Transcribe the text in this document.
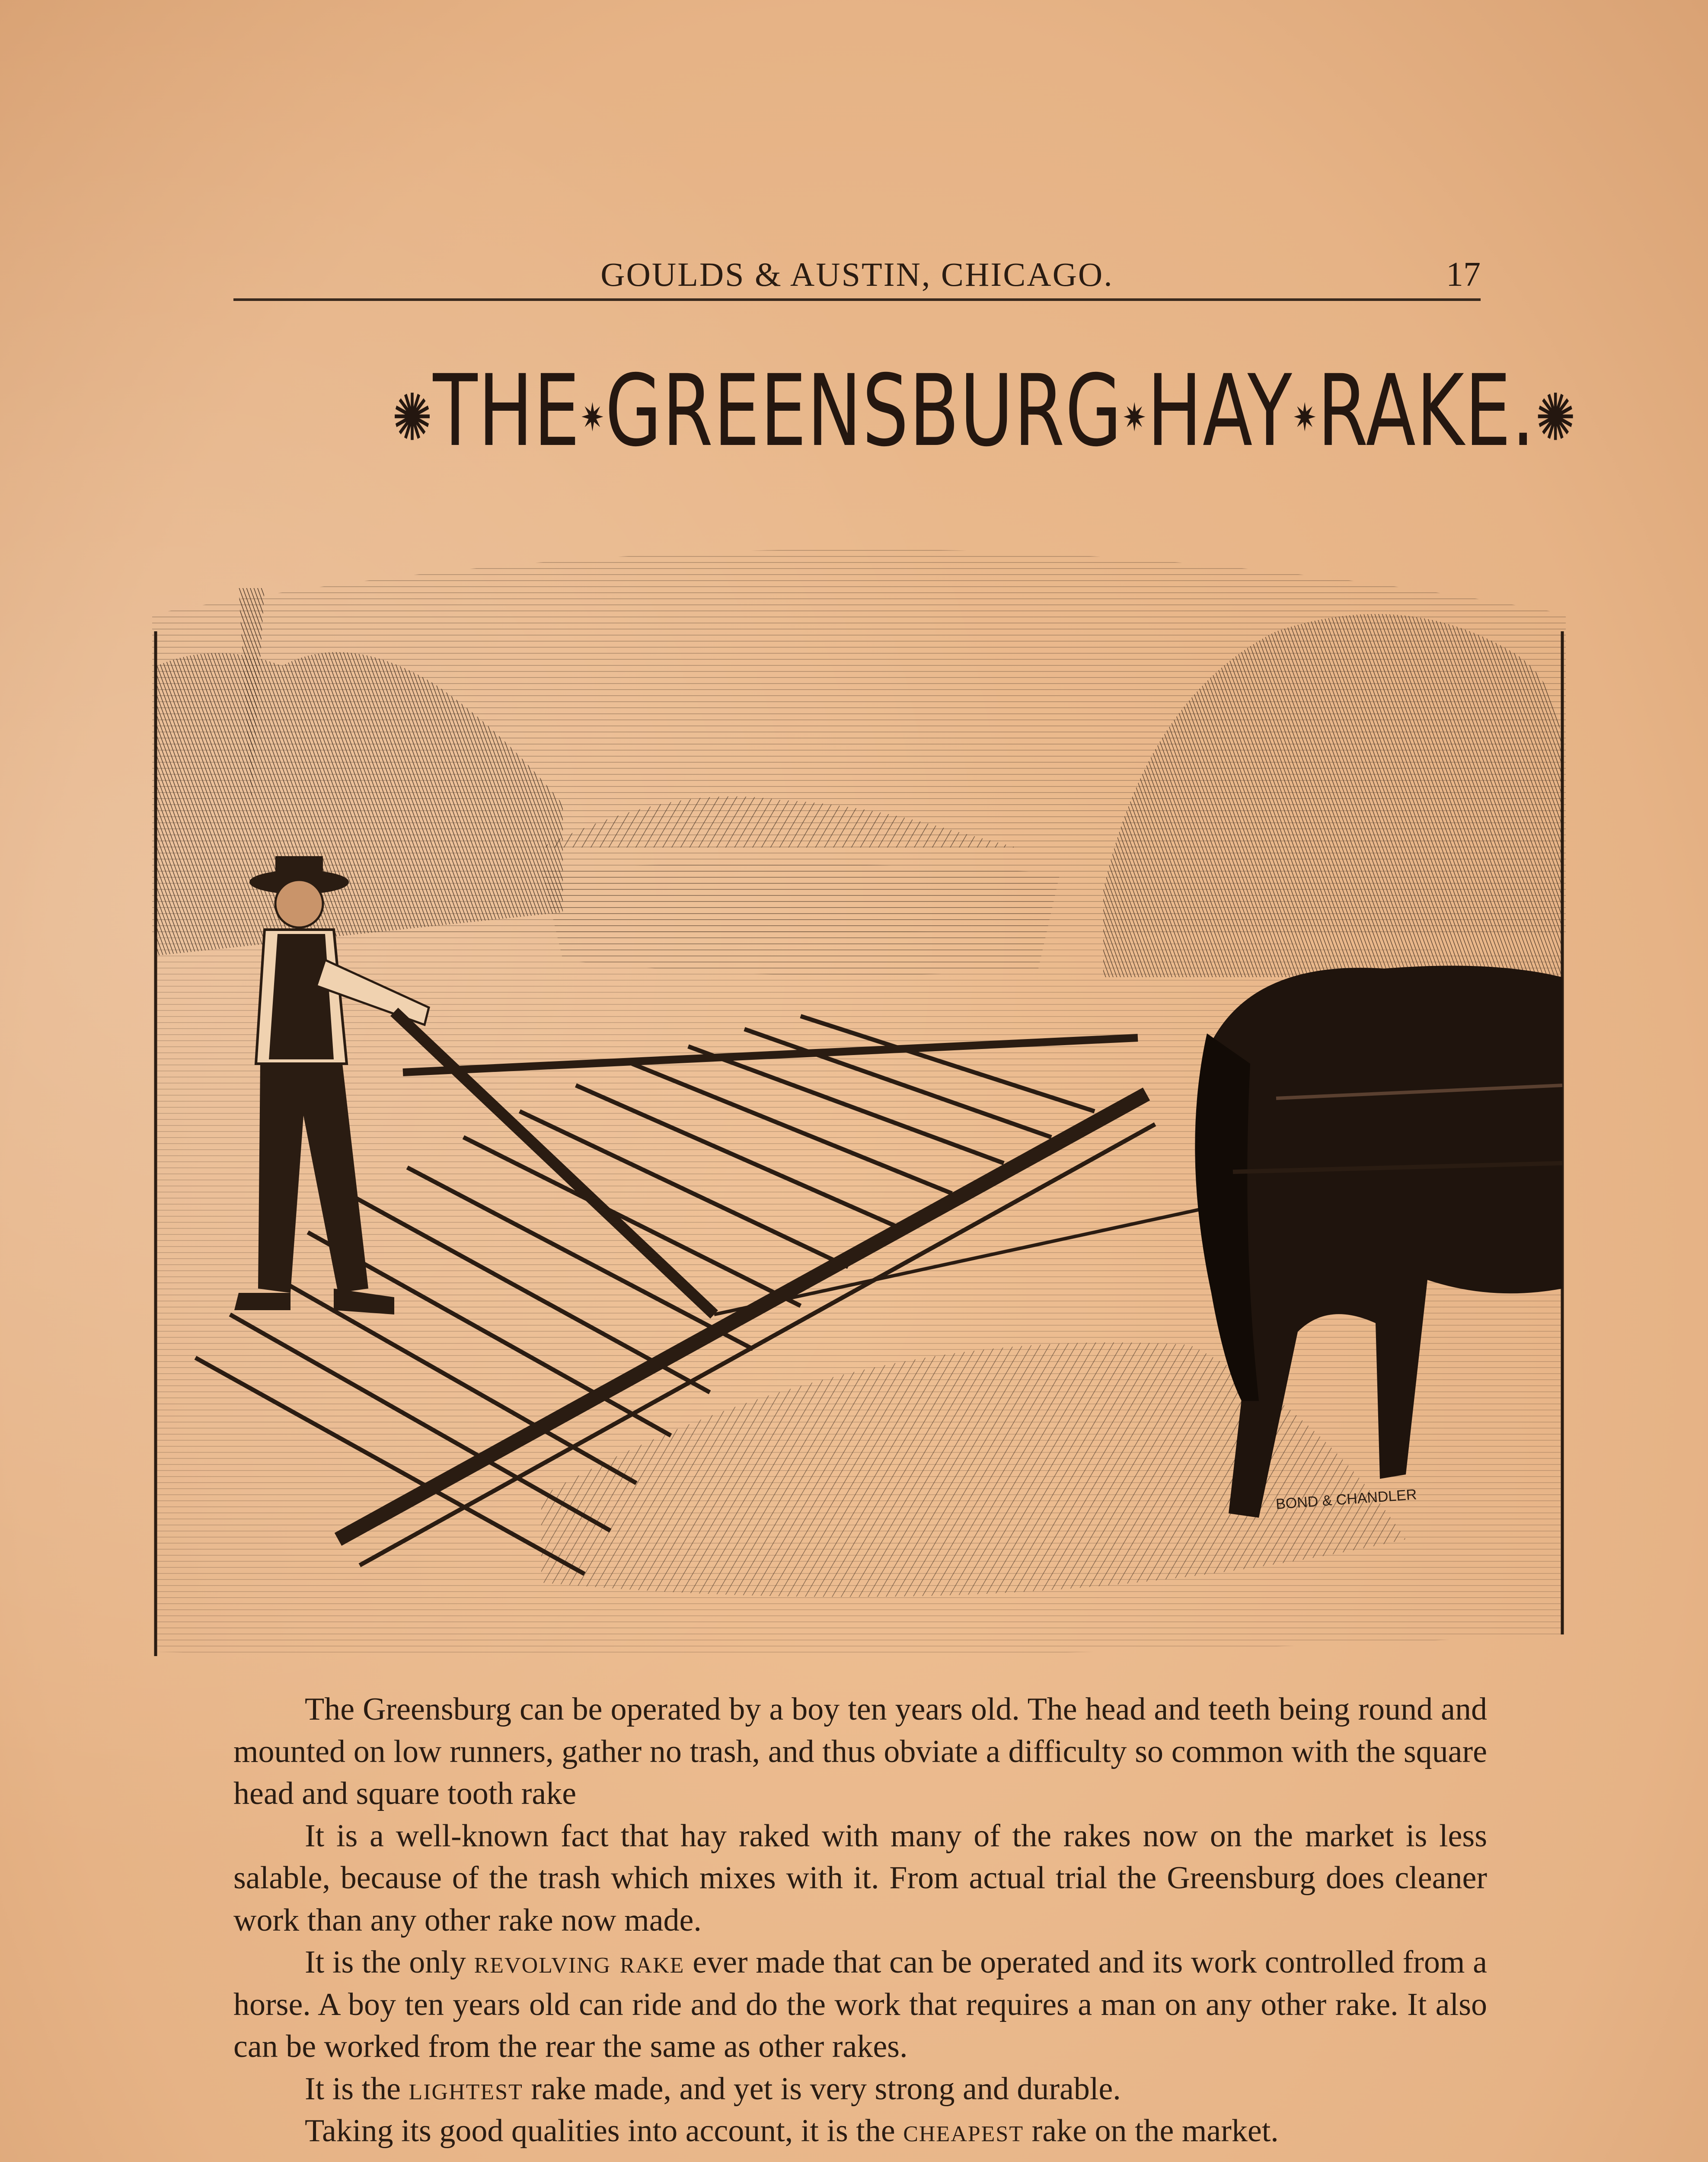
GOULDS & AUSTIN, CHICAGO.	17
✺THE✷GREENSBURG✷HAY✷RAKE.✺
BOND & CHANDLER

The Greensburg can be operated by a boy ten years old. The head and teeth being round and mounted on low runners, gather no trash, and thus obviate a difficulty so common with the square head and square tooth rake

It is a well-known fact that hay raked with many of the rakes now on the market is less salable, because of the trash which mixes with it. From actual trial the Greensburg does cleaner work than any other rake now made.

It is the only revolving rake ever made that can be operated and its work controlled from a horse. A boy ten years old can ride and do the work that requires a man on any other rake. It also can be worked from the rear the same as other rakes.

It is the lightest rake made, and yet is very strong and durable.

Taking its good qualities into account, it is the cheapest rake on the market.
